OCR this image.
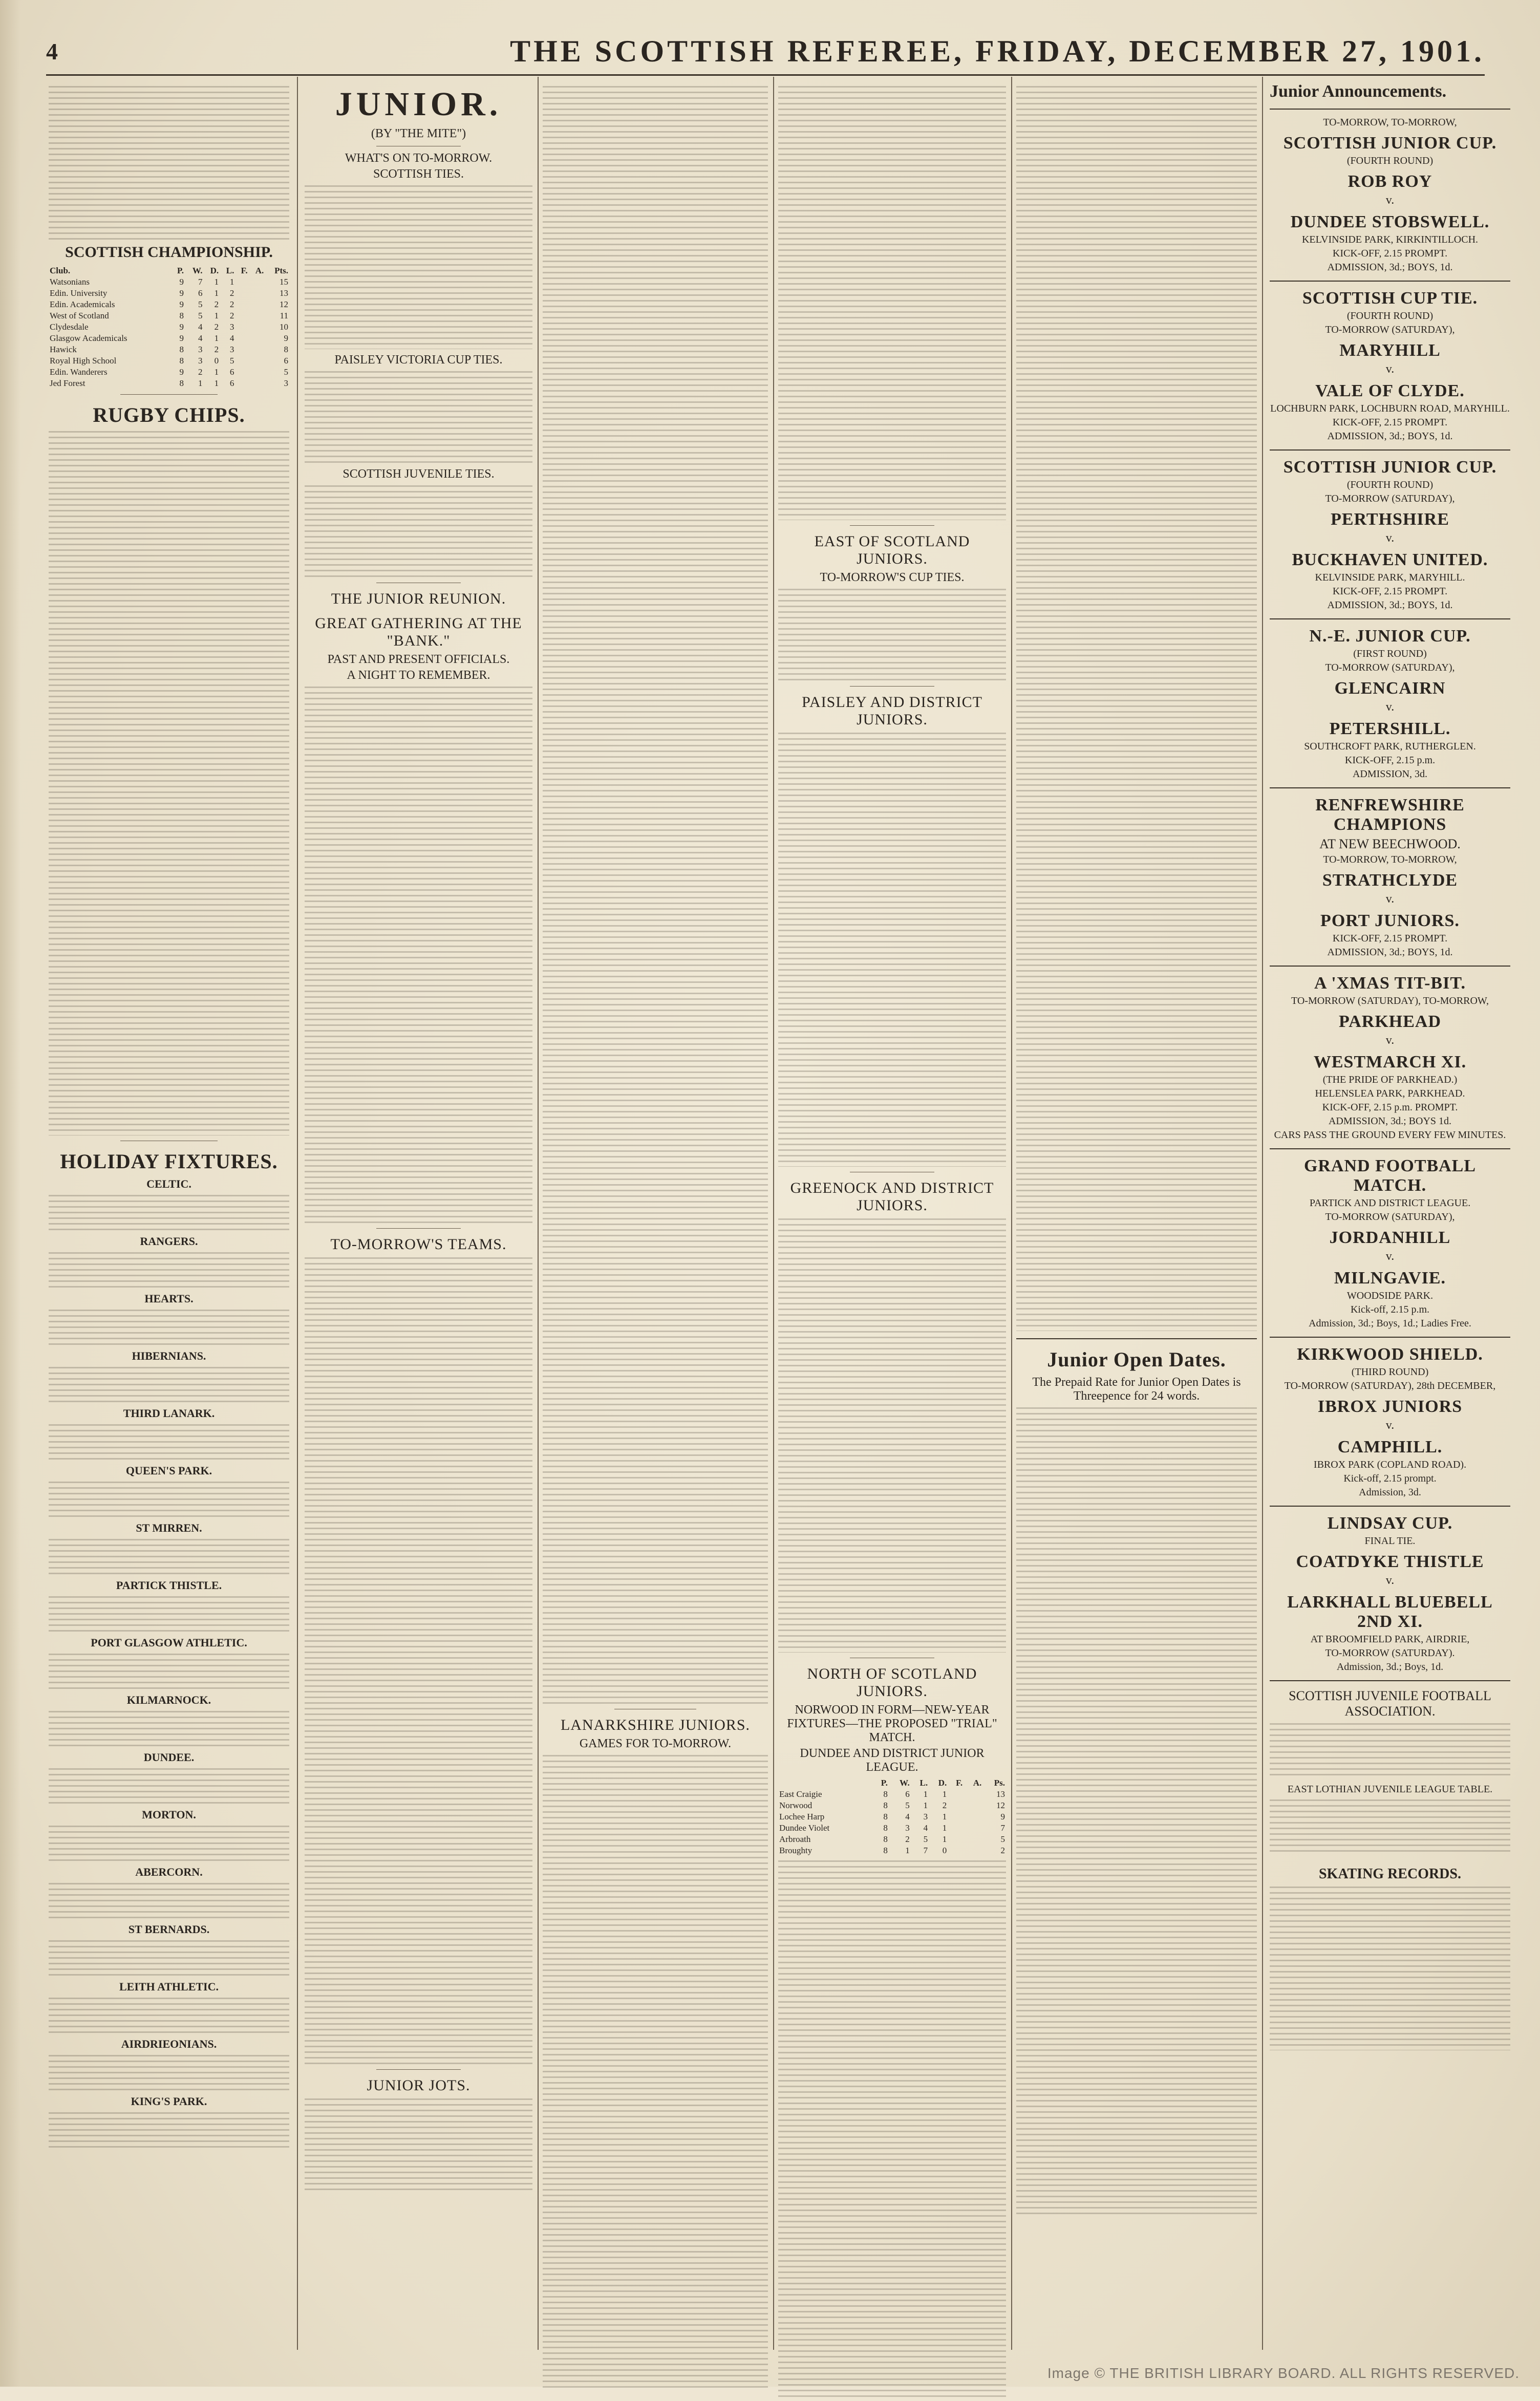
4	THE SCOTTISH REFEREE, FRIDAY, DECEMBER 27, 1901.
SCOTTISH CHAMPIONSHIP.
Club.	P.	W.	D.	L.	F.	A.	Pts.
Watsonians	9	7	1	1			15
Edin. University	9	6	1	2			13
Edin. Academicals	9	5	2	2			12
West of Scotland	8	5	1	2			11
Clydesdale	9	4	2	3			10
Glasgow Academicals	9	4	1	4			9
Hawick	8	3	2	3			8
Royal High School	8	3	0	5			6
Edin. Wanderers	9	2	1	6			5
Jed Forest	8	1	1	6			3
RUGBY CHIPS.
HOLIDAY FIXTURES.
CELTIC.
RANGERS.
HEARTS.
HIBERNIANS.
THIRD LANARK.
QUEEN'S PARK.
ST MIRREN.
PARTICK THISTLE.
PORT GLASGOW ATHLETIC.
KILMARNOCK.
DUNDEE.
MORTON.
ABERCORN.
ST BERNARDS.
LEITH ATHLETIC.
AIRDRIEONIANS.
KING'S PARK.
JUNIOR.
(BY "THE MITE")
WHAT'S ON TO-MORROW.
SCOTTISH TIES.
PAISLEY VICTORIA CUP TIES.
SCOTTISH JUVENILE TIES.
THE JUNIOR REUNION.
GREAT GATHERING AT THE "BANK."
PAST AND PRESENT OFFICIALS.
A NIGHT TO REMEMBER.
TO-MORROW'S TEAMS.
JUNIOR JOTS.
LANARKSHIRE JUNIORS.
GAMES FOR TO-MORROW.
EAST OF SCOTLAND JUNIORS.
TO-MORROW'S CUP TIES.
PAISLEY AND DISTRICT JUNIORS.
GREENOCK AND DISTRICT JUNIORS.
NORTH OF SCOTLAND JUNIORS.
NORWOOD IN FORM—NEW-YEAR FIXTURES—THE PROPOSED "TRIAL" MATCH.
DUNDEE AND DISTRICT JUNIOR LEAGUE.
	P.	W.	L.	D.	F.	A.	Ps.
East Craigie	8	6	1	1			13
Norwood	8	5	1	2			12
Lochee Harp	8	4	3	1			9
Dundee Violet	8	3	4	1			7
Arbroath	8	2	5	1			5
Broughty	8	1	7	0			2
Junior Open Dates.
The Prepaid Rate for Junior Open Dates is Threepence for 24 words.
Junior Announcements.
TO-MORROW, TO-MORROW,
SCOTTISH JUNIOR CUP.
(FOURTH ROUND)
ROB ROY
v.
DUNDEE STOBSWELL.
KELVINSIDE PARK, KIRKINTILLOCH.
KICK-OFF, 2.15 PROMPT.
ADMISSION, 3d.; BOYS, 1d.
SCOTTISH CUP TIE.
(FOURTH ROUND)
TO-MORROW (SATURDAY),
MARYHILL
v.
VALE OF CLYDE.
LOCHBURN PARK, LOCHBURN ROAD, MARYHILL.
KICK-OFF, 2.15 PROMPT.
ADMISSION, 3d.; BOYS, 1d.
SCOTTISH JUNIOR CUP.
(FOURTH ROUND)
TO-MORROW (SATURDAY),
PERTHSHIRE
v.
BUCKHAVEN UNITED.
KELVINSIDE PARK, MARYHILL.
KICK-OFF, 2.15 PROMPT.
ADMISSION, 3d.; BOYS, 1d.
N.-E. JUNIOR CUP.
(FIRST ROUND)
TO-MORROW (SATURDAY),
GLENCAIRN
v.
PETERSHILL.
SOUTHCROFT PARK, RUTHERGLEN.
KICK-OFF, 2.15 p.m.
ADMISSION, 3d.
RENFREWSHIRE CHAMPIONS
AT NEW BEECHWOOD.
TO-MORROW, TO-MORROW,
STRATHCLYDE
v.
PORT JUNIORS.
KICK-OFF, 2.15 PROMPT.
ADMISSION, 3d.; BOYS, 1d.
A 'XMAS TIT-BIT.
TO-MORROW (SATURDAY), TO-MORROW,
PARKHEAD
v.
WESTMARCH XI.
(THE PRIDE OF PARKHEAD.)
HELENSLEA PARK, PARKHEAD.
KICK-OFF, 2.15 p.m. PROMPT.
ADMISSION, 3d.; BOYS 1d.
CARS PASS THE GROUND EVERY FEW MINUTES.
GRAND FOOTBALL MATCH.
PARTICK AND DISTRICT LEAGUE.
TO-MORROW (SATURDAY),
JORDANHILL
v.
MILNGAVIE.
WOODSIDE PARK.
Kick-off, 2.15 p.m.
Admission, 3d.; Boys, 1d.; Ladies Free.
KIRKWOOD SHIELD.
(THIRD ROUND)
TO-MORROW (SATURDAY), 28th DECEMBER,
IBROX JUNIORS
v.
CAMPHILL.
IBROX PARK (COPLAND ROAD).
Kick-off, 2.15 prompt.
Admission, 3d.
LINDSAY CUP.
FINAL TIE.
COATDYKE THISTLE
v.
LARKHALL BLUEBELL 2ND XI.
AT BROOMFIELD PARK, AIRDRIE,
TO-MORROW (SATURDAY).
Admission, 3d.; Boys, 1d.
SCOTTISH JUVENILE FOOTBALL ASSOCIATION.
EAST LOTHIAN JUVENILE LEAGUE TABLE.
SKATING RECORDS.
Image © THE BRITISH LIBRARY BOARD. ALL RIGHTS RESERVED.
